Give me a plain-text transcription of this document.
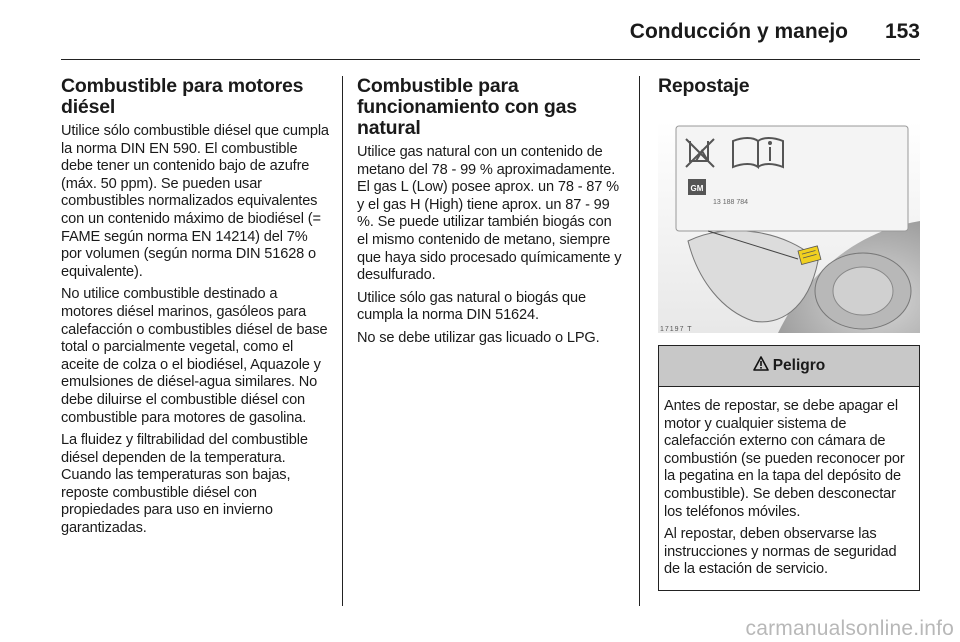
Conducción y manejo 153
Combustible para motores diésel

Utilice sólo combustible diésel que cumpla la norma DIN EN 590. El combustible debe tener un contenido bajo de azufre (máx. 50 ppm). Se pueden usar combustibles normalizados equivalentes con un contenido máximo de biodiésel (= FAME según norma EN 14214) del 7% por volumen (según norma DIN 51628 o equivalente).

No utilice combustible destinado a motores diésel marinos, gasóleos para calefacción o combustibles diésel de base total o parcialmente vegetal, como el aceite de colza o el biodiésel, Aquazole y emulsiones de diésel-agua similares. No debe diluirse el combustible diésel con combustible para motores de gasolina.

La fluidez y filtrabilidad del combustible diésel dependen de la temperatura. Cuando las temperaturas son bajas, reposte combustible diésel con propiedades para uso en invierno garantizadas.

Combustible para funcionamiento con gas natural

Utilice gas natural con un contenido de metano del 78 - 99 % aproximadamente. El gas L (Low) posee aprox. un 78 - 87 % y el gas H (High) tiene aprox. un 87 - 99 %. Se puede utilizar también biogás con el mismo contenido de metano, siempre que haya sido procesado químicamente y desulfurado.

Utilice sólo gas natural o biogás que cumpla la norma DIN 51624.

No se debe utilizar gas licuado o LPG.

Repostaje
GM
13 188 784
17197 T
Peligro

Antes de repostar, se debe apagar el motor y cualquier sistema de calefacción externo con cámara de combustión (se pueden reconocer por la pegatina en la tapa del depósito de combustible). Se deben desconectar los teléfonos móviles.

Al repostar, deben observarse las instrucciones y normas de seguridad de la estación de servicio.

carmanualsonline.info
